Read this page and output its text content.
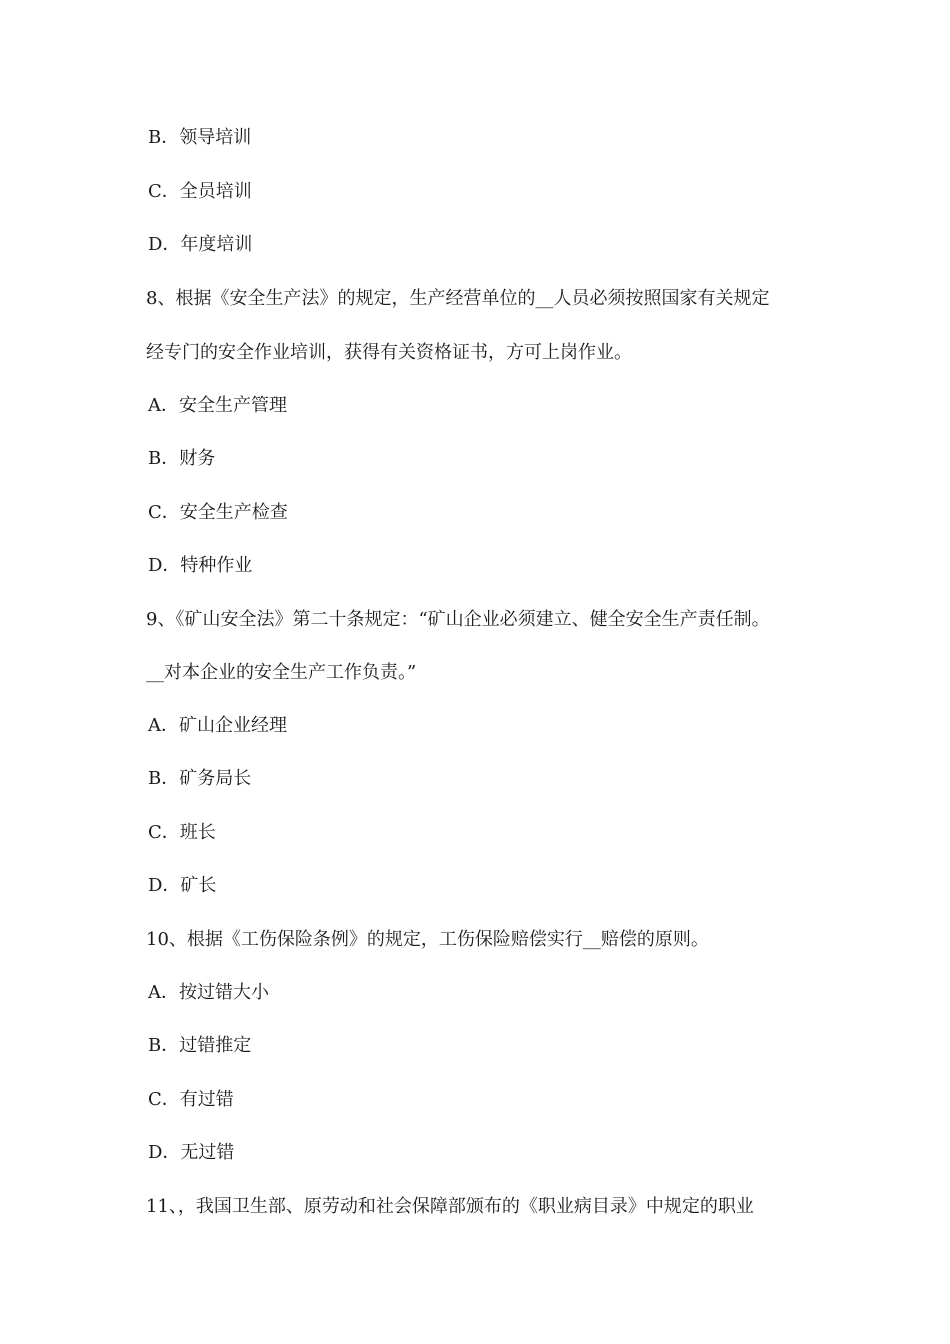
B．领导培训
C．全员培训
D．年度培训
8、根据《安全生产法》的规定，生产经营单位的__人员必须按照国家有关规定
经专门的安全作业培训，获得有关资格证书，方可上岗作业。
A．安全生产管理
B．财务
C．安全生产检查
D．特种作业
9、《矿山安全法》第二十条规定：“矿山企业必须建立、健全安全生产责任制。
__对本企业的安全生产工作负责。”
A．矿山企业经理
B．矿务局长
C．班长
D．矿长
10、根据《工伤保险条例》的规定，工伤保险赔偿实行__赔偿的原则。
A．按过错大小
B．过错推定
C．有过错
D．无过错
11、，我国卫生部、原劳动和社会保障部颁布的《职业病目录》中规定的职业
